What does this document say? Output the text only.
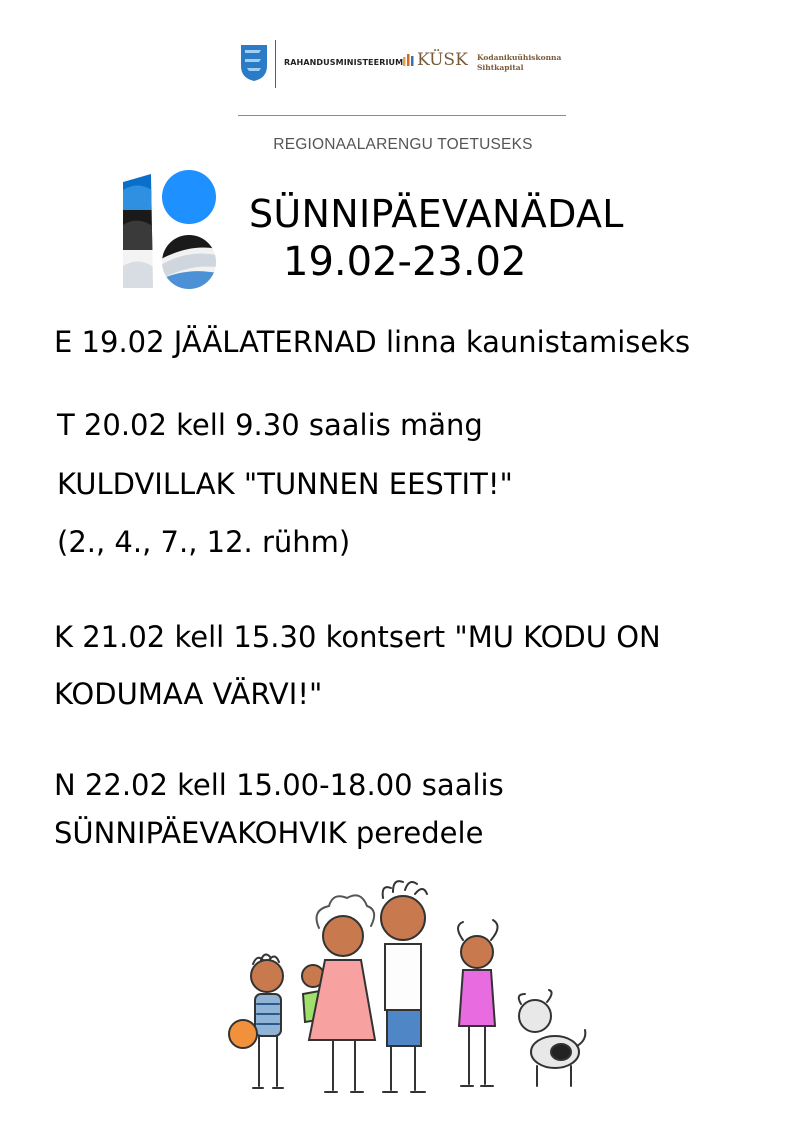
RAHANDUSMINISTEERIUM KÜSK Kodanikuühiskonna
Sihtkapital
REGIONAALARENGU TOETUSEKS
SÜNNIPÄEVANÄDAL
19.02-23.02
E 19.02 JÄÄLATERNAD linna kaunistamiseks
T 20.02 kell 9.30 saalis mäng
KULDVILLAK "TUNNEN EESTIT!"
(2., 4., 7., 12. rühm)
K 21.02 kell 15.30 kontsert "MU KODU ON
KODUMAA VÄRVI!"
N 22.02 kell 15.00-18.00 saalis
SÜNNIPÄEVAKOHVIK peredele
